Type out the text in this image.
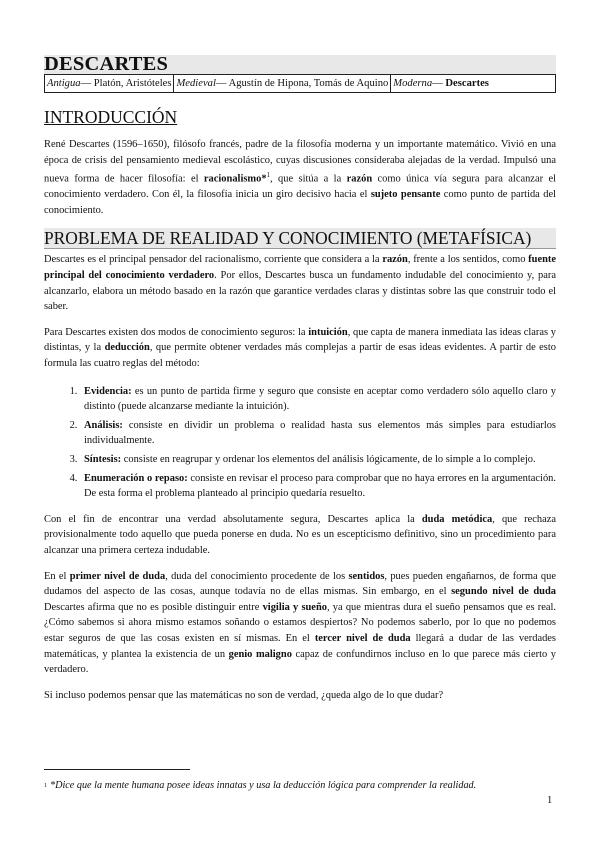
DESCARTES
Antigua— Platón, Aristóteles Medieval— Agustín de Hipona, Tomás de Aquino Moderna— Descartes
INTRODUCCIÓN

René Descartes (1596–1650), filósofo francés, padre de la filosofía moderna y un importante matemático. Vivió en una época de crisis del pensamiento medieval escolástico, cuyas discusiones consideraba alejadas de la verdad. Impulsó una nueva forma de hacer filosofía: el racionalismo*$^1$, que sitúa a la razón como única vía segura para alcanzar el conocimiento verdadero. Con él, la filosofía inicia un giro decisivo hacia el sujeto pensante como punto de partida del conocimiento.

PROBLEMA DE REALIDAD Y CONOCIMIENTO (METAFÍSICA)

Descartes es el principal pensador del racionalismo, corriente que considera a la razón, frente a los sentidos, como fuente principal del conocimiento verdadero. Por ellos, Descartes busca un fundamento indudable del conocimiento y, para alcanzarlo, elabora un método basado en la razón que garantice verdades claras y distintas sobre las que construir todo el saber.

Para Descartes existen dos modos de conocimiento seguros: la intuición, que capta de manera inmediata las ideas claras y distintas, y la deducción, que permite obtener verdades más complejas a partir de esas ideas evidentes. A partir de esto formula las cuatro reglas del método:

1. Evidencia: es un punto de partida firme y seguro que consiste en aceptar como verdadero sólo aquello claro y distinto (puede alcanzarse mediante la intuición).
2. Análisis: consiste en dividir un problema o realidad hasta sus elementos más simples para estudiarlos individualmente.
3. Síntesis: consiste en reagrupar y ordenar los elementos del análisis lógicamente, de lo simple a lo complejo.
4. Enumeración o repaso: consiste en revisar el proceso para comprobar que no haya errores en la argumentación. De esta forma el problema planteado al principio quedaría resuelto.

Con el fin de encontrar una verdad absolutamente segura, Descartes aplica la duda metódica, que rechaza provisionalmente todo aquello que pueda ponerse en duda. No es un escepticismo definitivo, sino un procedimiento para alcanzar una primera certeza indudable.

En el primer nivel de duda, duda del conocimiento procedente de los sentidos, pues pueden engañarnos, de forma que dudamos del aspecto de las cosas, aunque todavía no de ellas mismas. Sin embargo, en el segundo nivel de duda Descartes afirma que no es posible distinguir entre vigilia y sueño, ya que mientras dura el sueño pensamos que es real. ¿Cómo sabemos si ahora mismo estamos soñando o estamos despiertos? No podemos saberlo, por lo que no podemos estar seguros de que las cosas existen en sí mismas. En el tercer nivel de duda llegará a dudar de las verdades matemáticas, y plantea la existencia de un genio maligno capaz de confundirnos incluso en lo que parece más cierto y verdadero.

Si incluso podemos pensar que las matemáticas no son de verdad, ¿queda algo de lo que dudar?

$^1$ *Dice que la mente humana posee ideas innatas y usa la deducción lógica para comprender la realidad.
1
